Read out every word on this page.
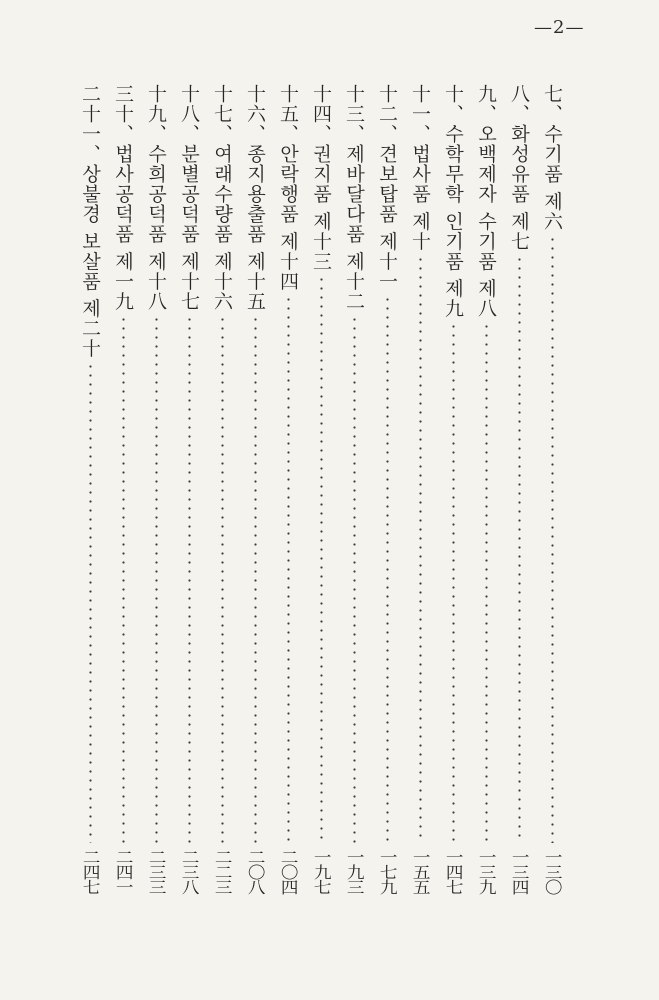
—2—
七、수기품 제六
一三〇
八、화성유품 제七
一三四
九、오백제자 수기품 제八
一三九
十、수학무학 인기품 제九
一四七
十一、법사품 제十
一五五
十二、견보탑품 제十一
一七九
十三、제바달다품 제十二
一九三
十四、권지품 제十三
一九七
十五、안락행품 제十四
二〇四
十六、종지용출품 제十五
二〇八
十七、여래수량품 제十六
二二三
十八、분별공덕품 제十七
二三八
十九、수희공덕품 제十八
二三三
三十、법사공덕품 제一九
二四一
二十一、상불경 보살품 제二十
二四七
